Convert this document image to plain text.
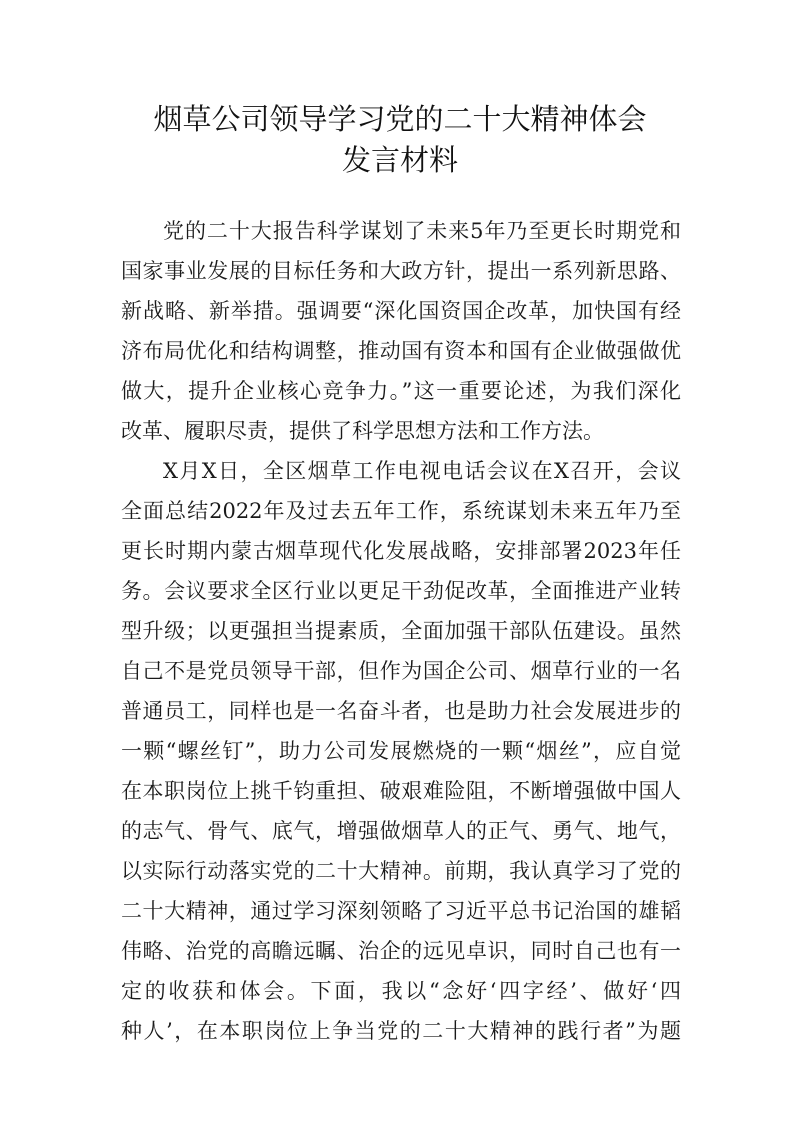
烟草公司领导学习党的二十大精神体会
发言材料
党的二十大报告科学谋划了未来5年乃至更长时期党和
国家事业发展的目标任务和大政方针，提出一系列新思路、
新战略、新举措。强调要“深化国资国企改革，加快国有经
济布局优化和结构调整，推动国有资本和国有企业做强做优
做大，提升企业核心竞争力。”这一重要论述，为我们深化
改革、履职尽责，提供了科学思想方法和工作方法。
X月X日，全区烟草工作电视电话会议在X召开，会议
全面总结2022年及过去五年工作，系统谋划未来五年乃至
更长时期内蒙古烟草现代化发展战略，安排部署2023年任
务。会议要求全区行业以更足干劲促改革，全面推进产业转
型升级；以更强担当提素质，全面加强干部队伍建设。虽然
自己不是党员领导干部，但作为国企公司、烟草行业的一名
普通员工，同样也是一名奋斗者，也是助力社会发展进步的
一颗“螺丝钉”，助力公司发展燃烧的一颗“烟丝”，应自觉
在本职岗位上挑千钧重担、破艰难险阻，不断增强做中国人
的志气、骨气、底气，增强做烟草人的正气、勇气、地气，
以实际行动落实党的二十大精神。前期，我认真学习了党的
二十大精神，通过学习深刻领略了习近平总书记治国的雄韬
伟略、治党的高瞻远瞩、治企的远见卓识，同时自己也有一
定的收获和体会。下面，我以“念好‘四字经’、做好‘四
种人’，在本职岗位上争当党的二十大精神的践行者”为题
